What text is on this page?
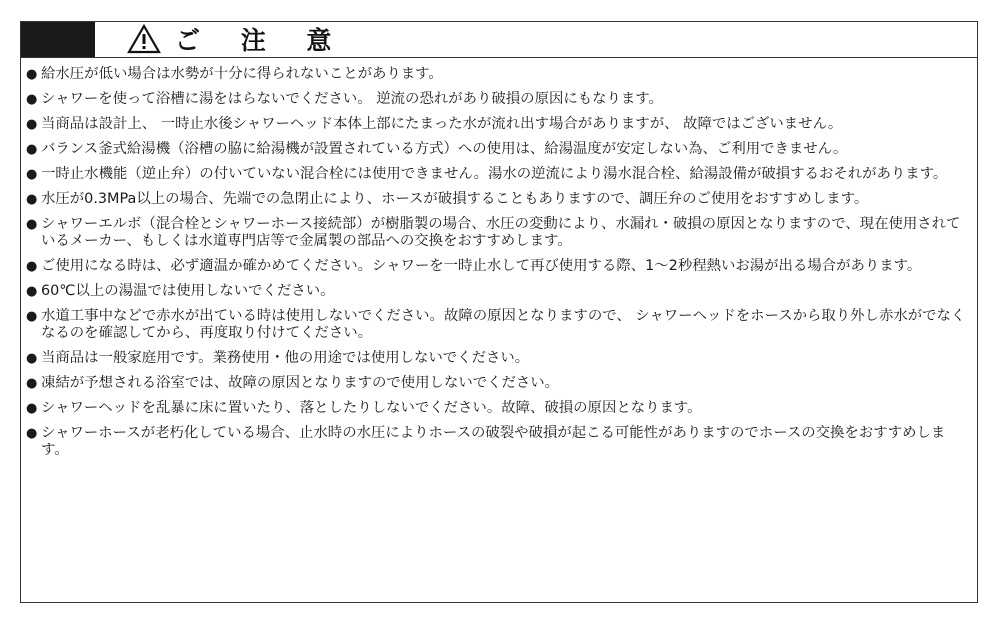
ご 注 意
● 給水圧が低い場合は水勢が十分に得られないことがあります。
● シャワーを使って浴槽に湯をはらないでください。 逆流の恐れがあり破損の原因にもなります。
● 当商品は設計上、 一時止水後シャワーヘッド本体上部にたまった水が流れ出す場合がありますが、 故障ではございません。
● バランス釜式給湯機（浴槽の脇に給湯機が設置されている方式）への使用は、給湯温度が安定しない為、ご利用できません。
● 一時止水機能（逆止弁）の付いていない混合栓には使用できません。湯水の逆流により湯水混合栓、給湯設備が破損するおそれがあります。
● 水圧が0.3MPa以上の場合、先端での急閉止により、ホースが破損することもありますので、調圧弁のご使用をおすすめします。
● シャワーエルボ（混合栓とシャワーホース接続部）が樹脂製の場合、水圧の変動により、水漏れ・破損の原因となりますので、現在使用されているメーカー、もしくは水道専門店等で金属製の部品への交換をおすすめします。
● ご使用になる時は、必ず適温か確かめてください。シャワーを一時止水して再び使用する際、1〜2秒程熱いお湯が出る場合があります。
● 60℃以上の湯温では使用しないでください。
● 水道工事中などで赤水が出ている時は使用しないでください。故障の原因となりますので、 シャワーヘッドをホースから取り外し赤水がでなくなるのを確認してから、再度取り付けてください。
● 当商品は一般家庭用です。業務使用・他の用途では使用しないでください。
● 凍結が予想される浴室では、故障の原因となりますので使用しないでください。
● シャワーヘッドを乱暴に床に置いたり、落としたりしないでください。故障、破損の原因となります。
● シャワーホースが老朽化している場合、止水時の水圧によりホースの破裂や破損が起こる可能性がありますのでホースの交換をおすすめします。
